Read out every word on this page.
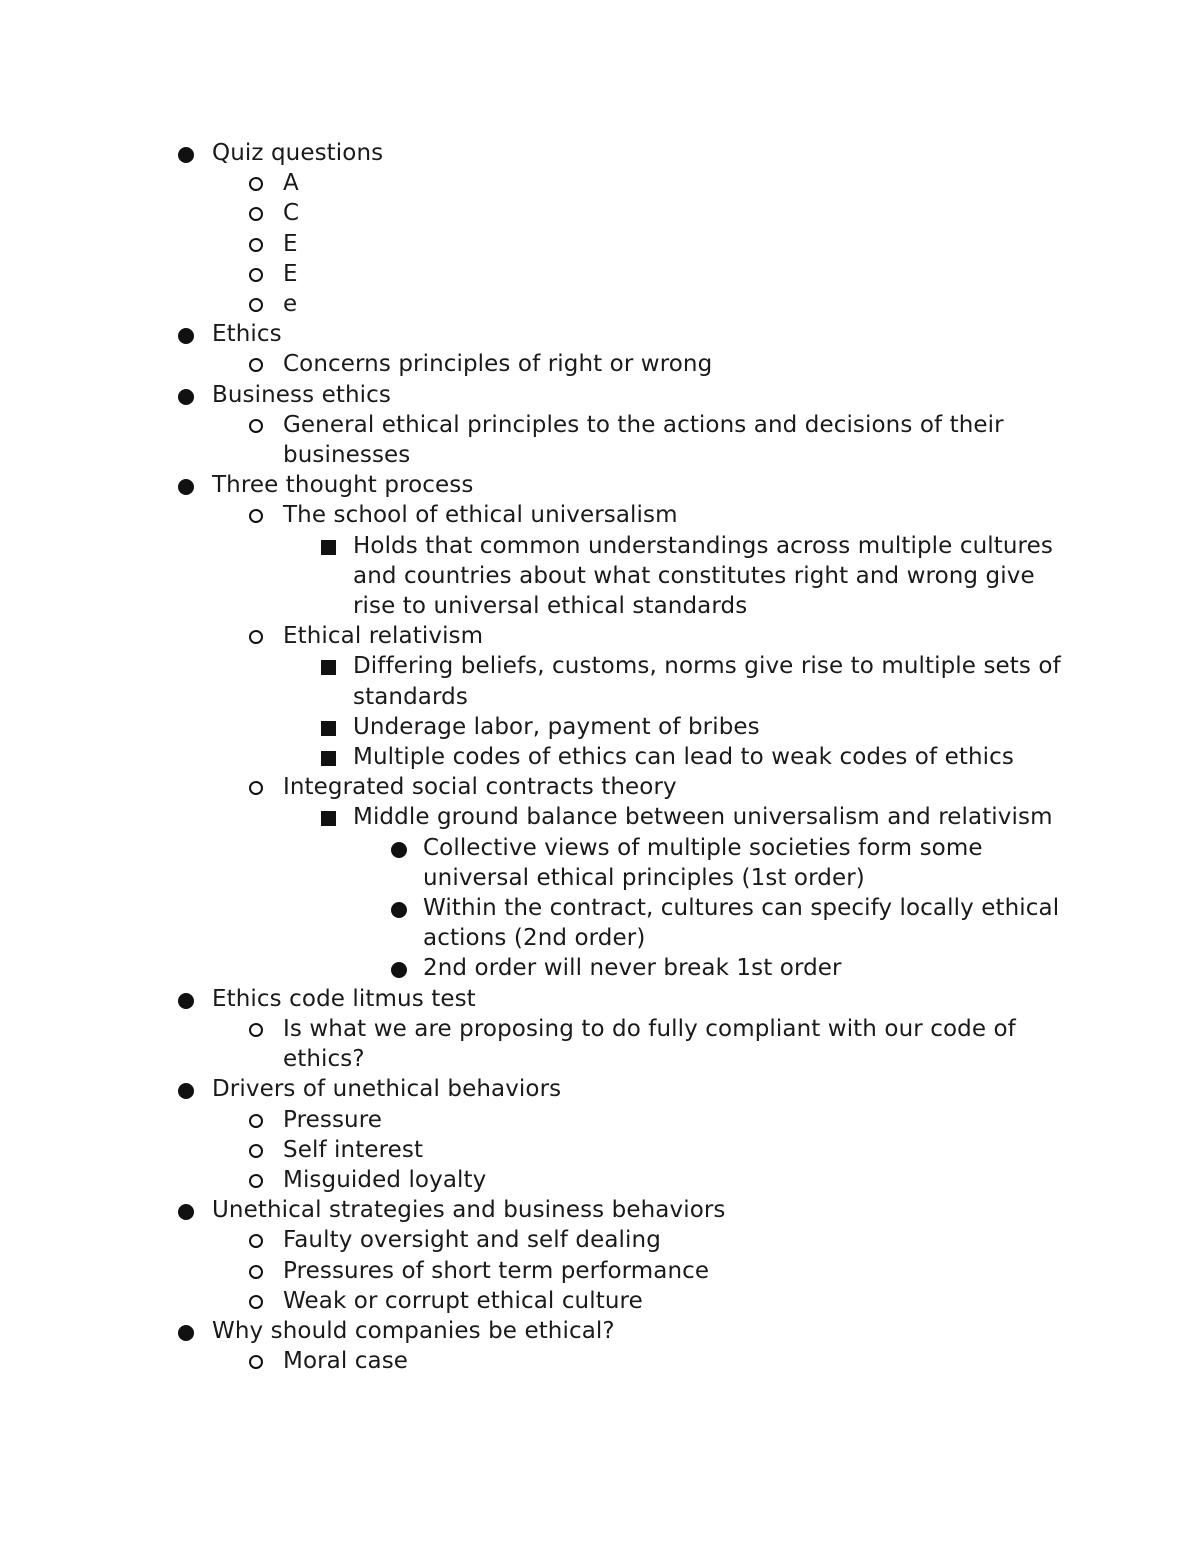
Quiz questions
A
C
E
E
e
Ethics
Concerns principles of right or wrong
Business ethics
General ethical principles to the actions and decisions of their businesses
Three thought process
The school of ethical universalism
Holds that common understandings across multiple cultures and countries about what constitutes right and wrong give rise to universal ethical standards
Ethical relativism
Differing beliefs, customs, norms give rise to multiple sets of standards
Underage labor, payment of bribes
Multiple codes of ethics can lead to weak codes of ethics
Integrated social contracts theory
Middle ground balance between universalism and relativism
Collective views of multiple societies form some universal ethical principles (1st order)
Within the contract, cultures can specify locally ethical actions (2nd order)
2nd order will never break 1st order
Ethics code litmus test
Is what we are proposing to do fully compliant with our code of ethics?
Drivers of unethical behaviors
Pressure
Self interest
Misguided loyalty
Unethical strategies and business behaviors
Faulty oversight and self dealing
Pressures of short term performance
Weak or corrupt ethical culture
Why should companies be ethical?
Moral case
